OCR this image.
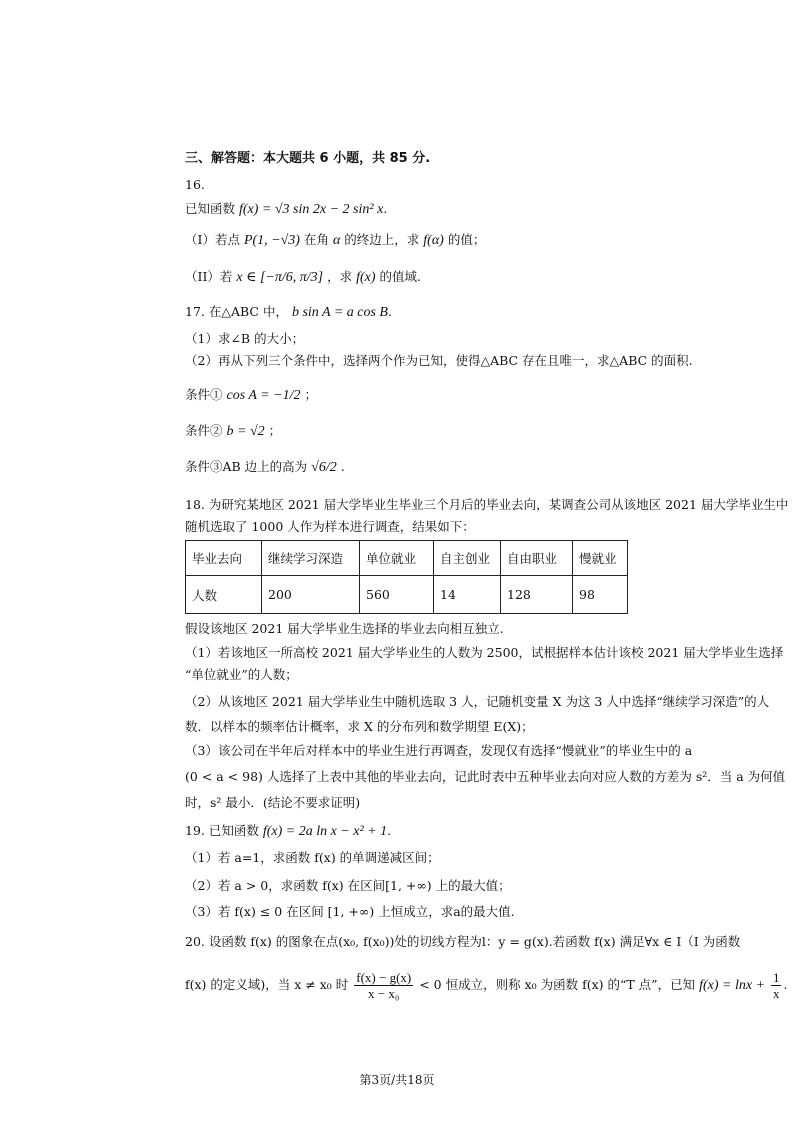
三、解答题：本大题共 6 小题，共 85 分.
16.
已知函数 f(x) = √3 sin 2x − 2 sin² x.
（I）若点 P(1, −√3) 在角 α 的终边上，求 f(α) 的值；
（II）若 x ∈ [−π/6, π/3] ，求 f(x) 的值域.
17. 在△ABC 中， b sin A = a cos B.
（1）求∠B 的大小；
（2）再从下列三个条件中，选择两个作为已知，使得△ABC 存在且唯一，求△ABC 的面积.
条件① cos A = −1/2 ；
条件② b = √2 ；
条件③AB 边上的高为 √6/2 .
18. 为研究某地区 2021 届大学毕业生毕业三个月后的毕业去向，某调查公司从该地区 2021 届大学毕业生中
随机选取了 1000 人作为样本进行调查，结果如下：
毕业去向	继续学习深造	单位就业	自主创业	自由职业	慢就业
人数	200	560	14	128	98
假设该地区 2021 届大学毕业生选择的毕业去向相互独立.
（1）若该地区一所高校 2021 届大学毕业生的人数为 2500，试根据样本估计该校 2021 届大学毕业生选择
“单位就业”的人数；
（2）从该地区 2021 届大学毕业生中随机选取 3 人，记随机变量 X 为这 3 人中选择“继续学习深造”的人
数．以样本的频率估计概率，求 X 的分布列和数学期望 E(X)；
（3）该公司在半年后对样本中的毕业生进行再调查，发现仅有选择“慢就业”的毕业生中的 a
(0 < a < 98) 人选择了上表中其他的毕业去向，记此时表中五种毕业去向对应人数的方差为 s²．当 a 为何值
时，s² 最小．(结论不要求证明)
19. 已知函数 f(x) = 2a ln x − x² + 1.
（1）若 a=1，求函数 f(x) 的单调递减区间；
（2）若 a > 0，求函数 f(x) 在区间[1, +∞) 上的最大值；
（3）若 f(x) ≤ 0 在区间 [1, +∞) 上恒成立，求a的最大值.
20. 设函数 f(x) 的图象在点(x₀, f(x₀))处的切线方程为l：y = g(x).若函数 f(x) 满足∀x ∈ I（I 为函数
f(x) 的定义域)，当 x ≠ x₀ 时 $\frac{f(x) - g(x)}{\text{x − x₀}} < 0$ 恒成立，则称 x₀ 为函数 f(x) 的“T 点”，已知 $f(x) = \ln x + \frac{1}{x}$ .
第3页/共18页
